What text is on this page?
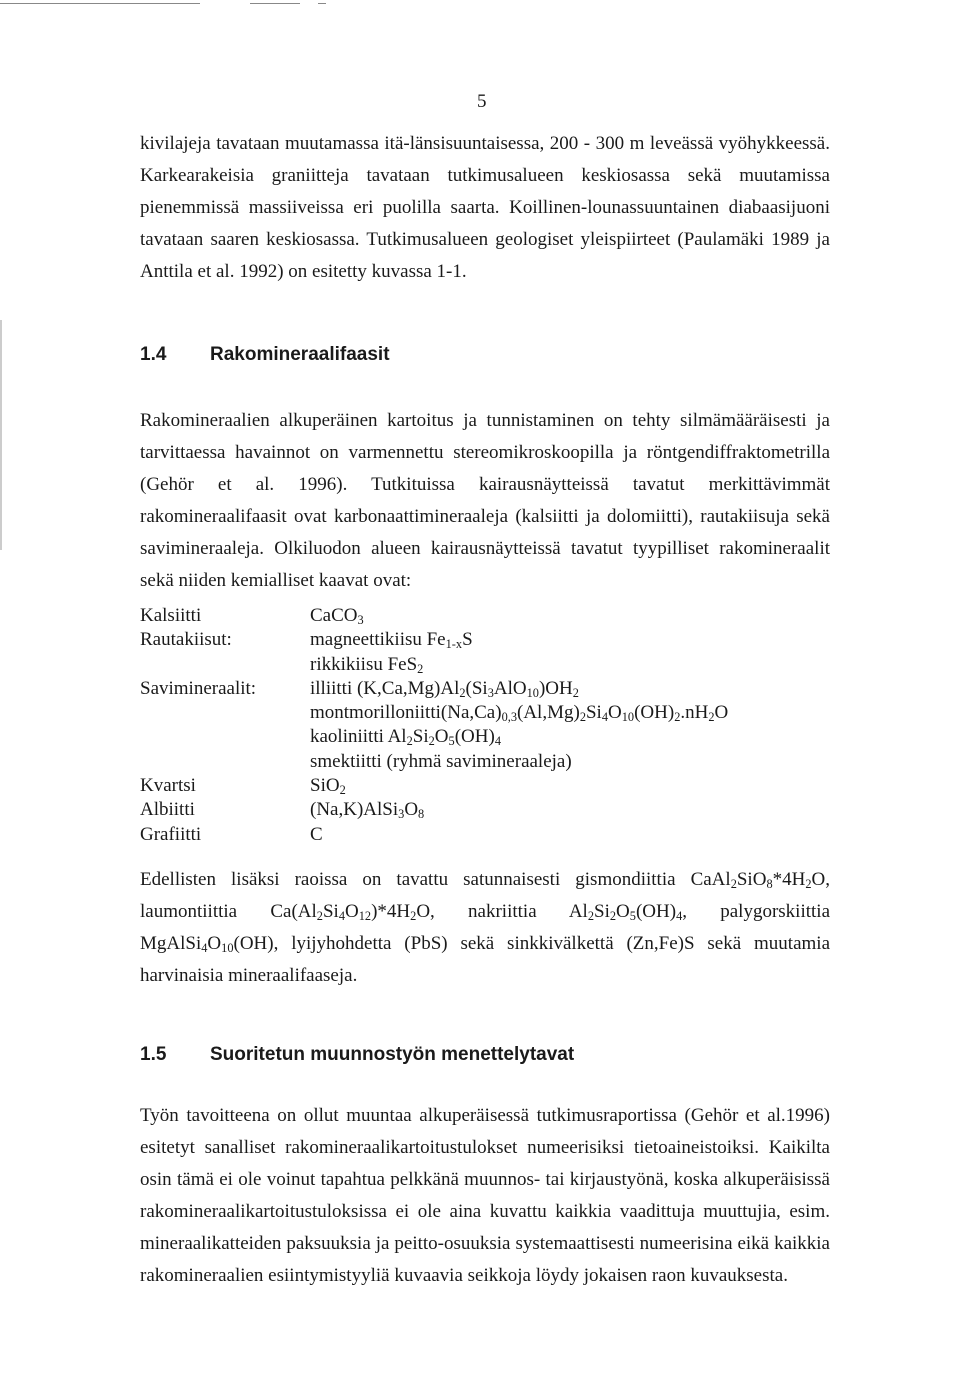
5

kivilajeja tavataan muutamassa itä-länsisuuntaisessa, 200 - 300 m leveässä vyöhykkeessä. Karkearakeisia graniitteja tavataan tutkimusalueen keskiosassa sekä muutamissa pienemmissä massiiveissa eri puolilla saarta. Koillinen-lounassuuntainen diabaasijuoni tavataan saaren keskiosassa. Tutkimusalueen geologiset yleispiirteet (Paulamäki 1989 ja Anttila et al. 1992) on esitetty kuvassa 1-1.

1.4 Rakomineraalifaasit

Rakomineraalien alkuperäinen kartoitus ja tunnistaminen on tehty silmämääräisesti ja tarvittaessa havainnot on varmennettu stereomikroskoopilla ja röntgendiffraktometrilla (Gehör et al. 1996). Tutkituissa kairausnäytteissä tavatut merkittävimmät rakomineraalifaasit ovat karbonaattimineraaleja (kalsiitti ja dolomiitti), rautakiisuja sekä savimineraaleja. Olkiluodon alueen kairausnäytteissä tavatut tyypilliset rakomineraalit sekä niiden kemialliset kaavat ovat:

Kalsiitti	CaCO$_3$
Rautakiisut:	magneettikiisu $Fe_{1-x}S$
rikkikiisu FeS$_2$
Savimineraalit:	illiitti $(K,Ca,Mg)Al_2(Si_3AlO_{10})OH_2$
$montmorilloniitti(Na,Ca)_{0,3}(Al,Mg)_2Si_4O_{10}(OH)_2.nH_2O$
kaoliniitti $Al_2Si_2O_5(OH)_4$
smektiitti (ryhmä savimineraaleja)
Kvartsi	SiO$_2$
Albiitti	$(Na,K)AlSi_3O_8$
Grafiitti	C

Edellisten lisäksi raoissa on tavattu satunnaisesti gismondiittia $CaAl_2SiO_8*4H_2O$, laumontiittia $Ca(Al_2Si_4O_{12})*4H_2O$, nakriittia $Al_2Si_2O_5(OH)_4$, palygorskiittia $MgAlSi_4O_{10}(OH)$, lyijyhohdetta (PbS) sekä sinkkivälkettä (Zn,Fe)S sekä muutamia harvinaisia mineraalifaaseja.

1.5 Suoritetun muunnostyön menettelytavat

Työn tavoitteena on ollut muuntaa alkuperäisessä tutkimusraportissa (Gehör et al.1996) esitetyt sanalliset rakomineraalikartoitustulokset numeerisiksi tietoaineistoiksi. Kaikilta osin tämä ei ole voinut tapahtua pelkkänä muunnos- tai kirjaustyönä, koska alkuperäisissä rakomineraalikartoitustuloksissa ei ole aina kuvattu kaikkia vaadittuja muuttujia, esim. mineraalikatteiden paksuuksia ja peitto-osuuksia systemaattisesti numeerisina eikä kaikkia rakomineraalien esiintymistyyliä kuvaavia seikkoja löydy jokaisen raon kuvauksesta.
